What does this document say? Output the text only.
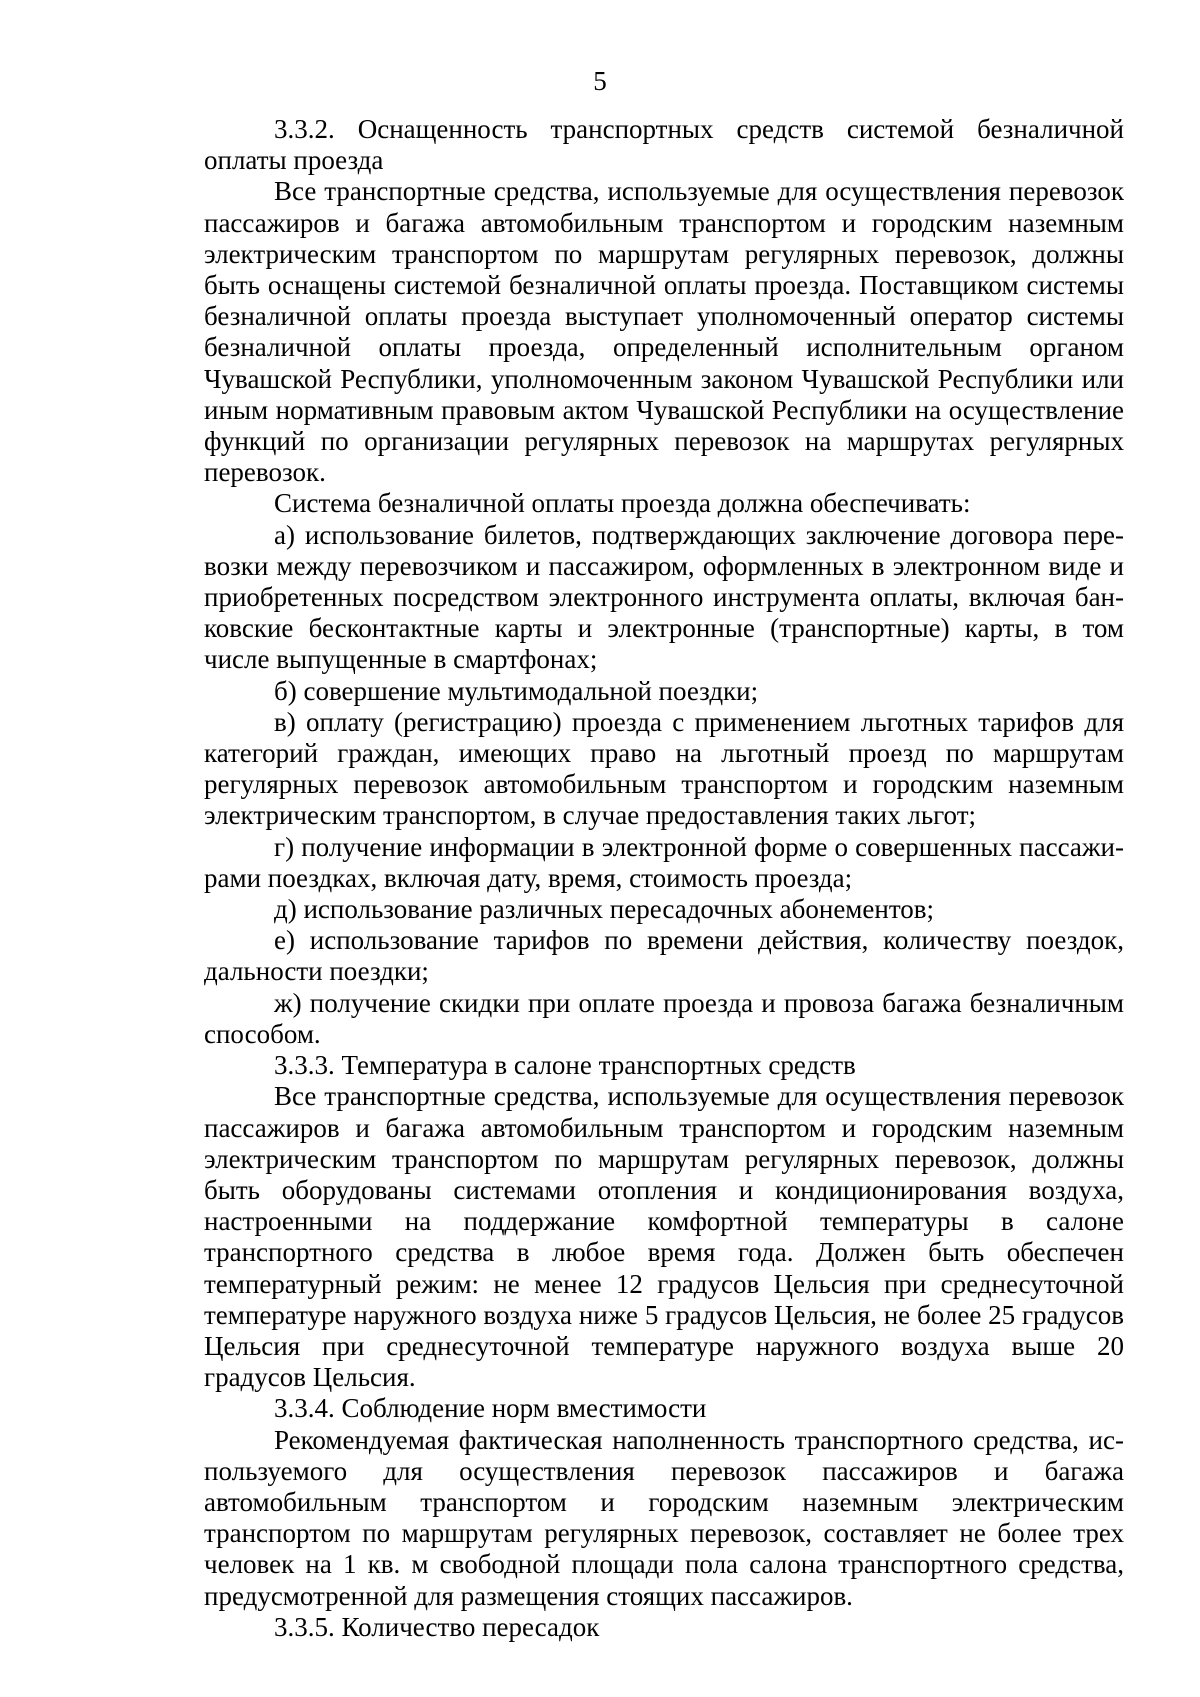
5

3.3.2. Оснащенность транспортных средств системой безналичной оплаты проезда

Все транспортные средства, используемые для осуществления перевозок пассажиров и багажа автомобильным транспортом и городским наземным электрическим транспортом по маршрутам регулярных перевозок, должны быть оснащены системой безналичной оплаты проезда. Поставщиком системы безналичной оплаты проезда выступает уполномоченный оператор системы безналичной оплаты проезда, определенный исполнительным органом Чувашской Республики, уполномоченным законом Чувашской Республики или иным нормативным правовым актом Чувашской Республики на осуществление функций по организации регулярных перевозок на маршрутах регулярных перевозок.

Система безналичной оплаты проезда должна обеспечивать:

а) использование билетов, подтверждающих заключение договора перевозки между перевозчиком и пассажиром, оформленных в электронном виде и приобретенных посредством электронного инструмента оплаты, включая банковские бесконтактные карты и электронные (транспортные) карты, в том числе выпущенные в смартфонах;

б) совершение мультимодальной поездки;

в) оплату (регистрацию) проезда с применением льготных тарифов для категорий граждан, имеющих право на льготный проезд по маршрутам регулярных перевозок автомобильным транспортом и городским наземным электрическим транспортом, в случае предоставления таких льгот;

г) получение информации в электронной форме о совершенных пассажирами поездках, включая дату, время, стоимость проезда;

д) использование различных пересадочных абонементов;

е) использование тарифов по времени действия, количеству поездок, дальности поездки;

ж) получение скидки при оплате проезда и провоза багажа безналичным способом.

3.3.3. Температура в салоне транспортных средств

Все транспортные средства, используемые для осуществления перевозок пассажиров и багажа автомобильным транспортом и городским наземным электрическим транспортом по маршрутам регулярных перевозок, должны быть оборудованы системами отопления и кондиционирования воздуха, настроенными на поддержание комфортной температуры в салоне транспортного средства в любое время года. Должен быть обеспечен температурный режим: не менее 12 градусов Цельсия при среднесуточной температуре наружного воздуха ниже 5 градусов Цельсия, не более 25 градусов Цельсия при среднесуточной температуре наружного воздуха выше 20 градусов Цельсия.

3.3.4. Соблюдение норм вместимости

Рекомендуемая фактическая наполненность транспортного средства, используемого для осуществления перевозок пассажиров и багажа автомобильным транспортом и городским наземным электрическим транспортом по маршрутам регулярных перевозок, составляет не более трех человек на 1 кв. м свободной площади пола салона транспортного средства, предусмотренной для размещения стоящих пассажиров.

3.3.5. Количество пересадок
